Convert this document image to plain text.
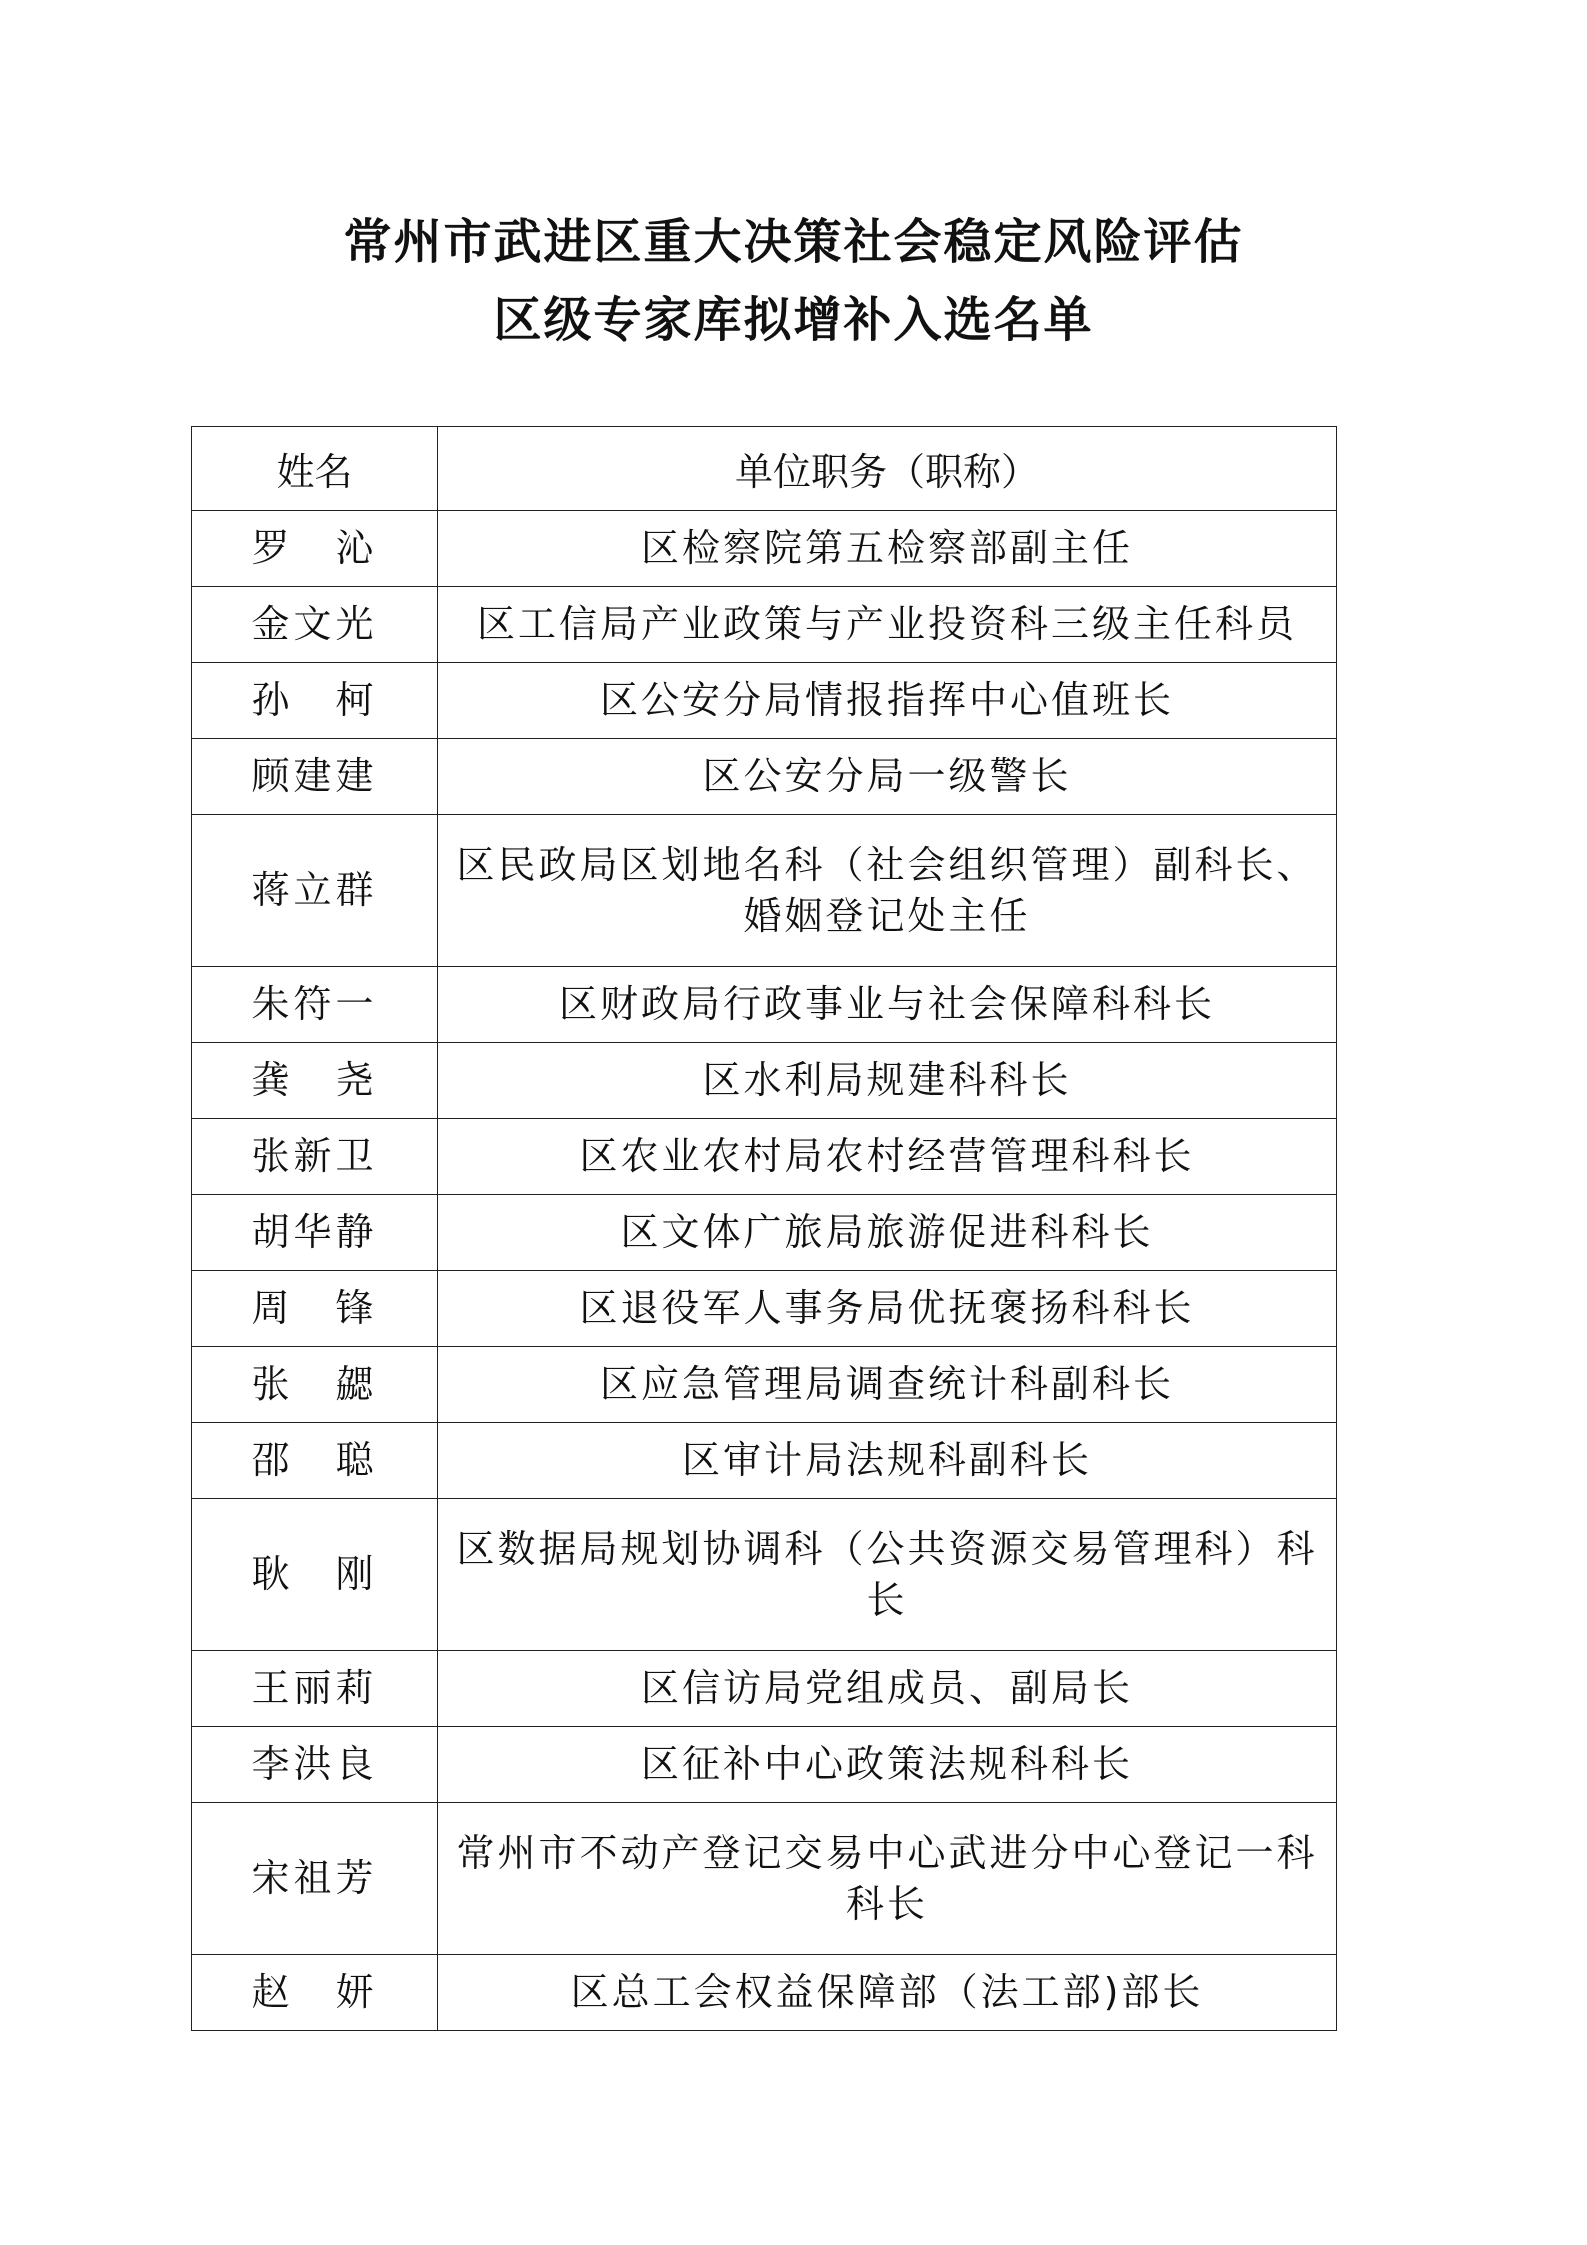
常州市武进区重大决策社会稳定风险评估
区级专家库拟增补入选名单
姓名	单位职务（职称）
罗　沁	区检察院第五检察部副主任
金文光	区工信局产业政策与产业投资科三级主任科员
孙　柯	区公安分局情报指挥中心值班长
顾建建	区公安分局一级警长
蒋立群	区民政局区划地名科（社会组织管理）副科长、婚姻登记处主任
朱符一	区财政局行政事业与社会保障科科长
龚　尧	区水利局规建科科长
张新卫	区农业农村局农村经营管理科科长
胡华静	区文体广旅局旅游促进科科长
周　锋	区退役军人事务局优抚褒扬科科长
张　勰	区应急管理局调查统计科副科长
邵　聪	区审计局法规科副科长
耿　刚	区数据局规划协调科（公共资源交易管理科）科长
王丽莉	区信访局党组成员、副局长
李洪良	区征补中心政策法规科科长
宋祖芳	常州市不动产登记交易中心武进分中心登记一科科长
赵　妍	区总工会权益保障部（法工部)部长
